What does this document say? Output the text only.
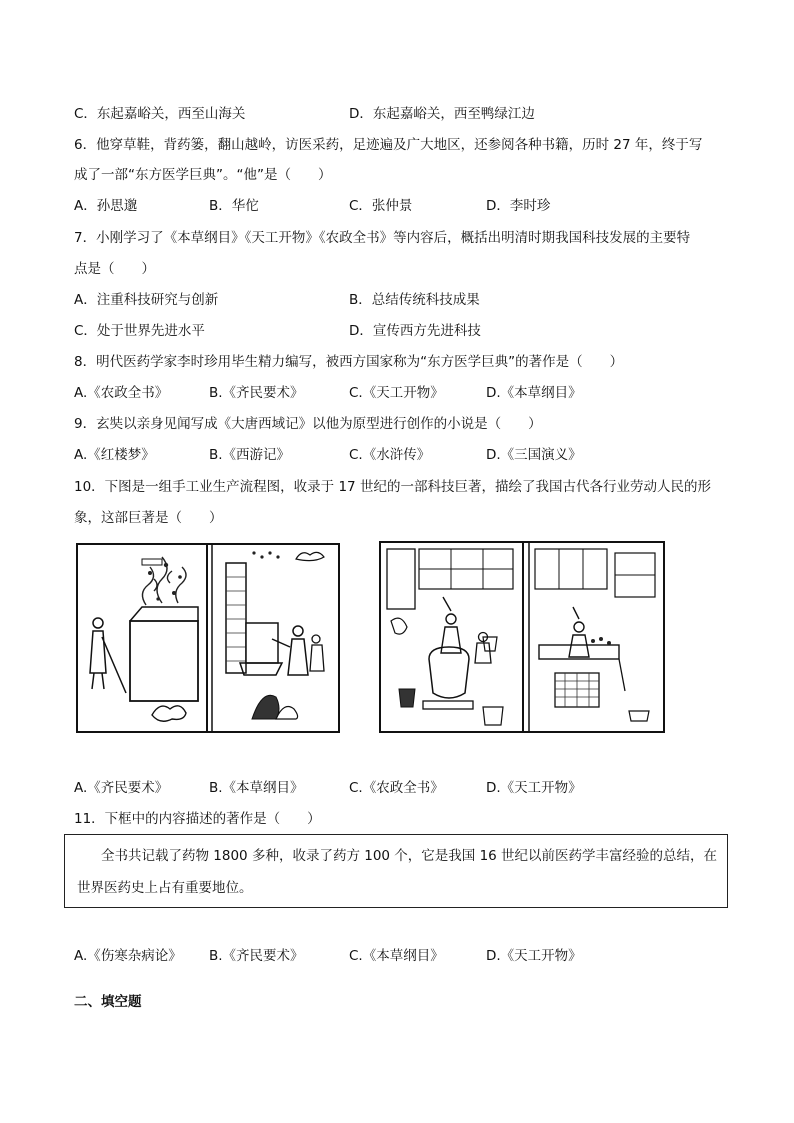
C．东起嘉峪关，西至山海关	D．东起嘉峪关，西至鸭绿江边
6．他穿草鞋，背药篓，翻山越岭，访医采药，足迹遍及广大地区，还参阅各种书籍，历时 27 年，终于写
成了一部“东方医学巨典”。“他”是（　　）
A．孙思邈	B．华佗	C．张仲景	D．李时珍
7．小刚学习了《本草纲目》《天工开物》《农政全书》等内容后，概括出明清时期我国科技发展的主要特
点是（　　）
A．注重科技研究与创新	B．总结传统科技成果
C．处于世界先进水平	D．宣传西方先进科技
8．明代医药学家李时珍用毕生精力编写，被西方国家称为“东方医学巨典”的著作是（　　）
A.《农政全书》	B.《齐民要术》	C.《天工开物》	D.《本草纲目》
9．玄奘以亲身见闻写成《大唐西域记》以他为原型进行创作的小说是（　　）
A.《红楼梦》	B.《西游记》	C.《水浒传》	D.《三国演义》
10．下图是一组手工业生产流程图，收录于 17 世纪的一部科技巨著，描绘了我国古代各行业劳动人民的形
象，这部巨著是（　　）
A.《齐民要术》	B.《本草纲目》	C.《农政全书》	D.《天工开物》
11．下框中的内容描述的著作是（　　）
全书共记载了药物 1800 多种，收录了药方 100 个，它是我国 16 世纪以前医药学丰富经验的总结，在
世界医药史上占有重要地位。
A.《伤寒杂病论》 B.《齐民要术》	C.《本草纲目》	D.《天工开物》
二、填空题
